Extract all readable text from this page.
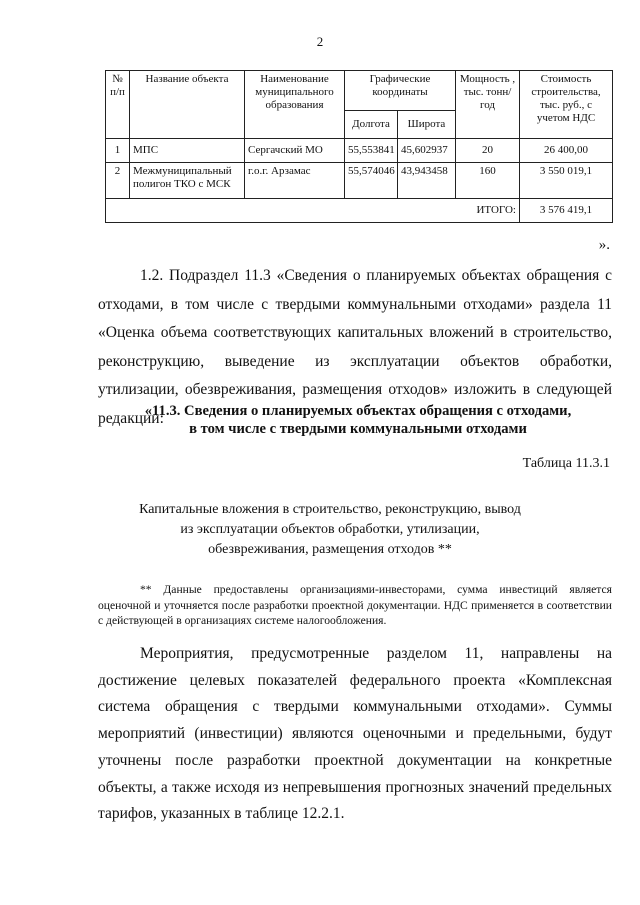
2
№ п/п	Название объекта	Наименование муниципального образования	Графические координаты		Мощность , тыс. тонн/год	Стоимость строительства, тыс. руб., с учетом НДС
			Долгота	Широта		
1	МПС	Сергачский МО	55,553841	45,602937	20	26 400,00
2	Межмуниципальный полигон ТКО с МСК	г.о.г. Арзамас	55,574046	43,943458	160	3 550 019,1
ИТОГО:						3 576 419,1
».

1.2. Подраздел 11.3 «Сведения о планируемых объектах обращения с отходами, в том числе с твердыми коммунальными отходами» раздела 11 «Оценка объема соответствующих капитальных вложений в строительство, реконструкцию, выведение из эксплуатации объектов обработки, утилизации, обезвреживания, размещения отходов» изложить в следующей редакции:

«11.3. Сведения о планируемых объектах обращения с отходами,
в том числе с твердыми коммунальными отходами
Таблица 11.3.1
Капитальные вложения в строительство, реконструкцию, вывод
из эксплуатации объектов обработки, утилизации,
обезвреживания, размещения отходов **

** Данные предоставлены организациями-инвесторами, сумма инвестиций является оценочной и уточняется после разработки проектной документации. НДС применяется в соответствии с действующей в организациях системе налогообложения.

Мероприятия, предусмотренные разделом 11, направлены на достижение целевых показателей федерального проекта «Комплексная система обращения с твердыми коммунальными отходами». Суммы мероприятий (инвестиции) являются оценочными и предельными, будут уточнены после разработки проектной документации на конкретные объекты, а также исходя из непревышения прогнозных значений предельных тарифов, указанных в таблице 12.2.1.
